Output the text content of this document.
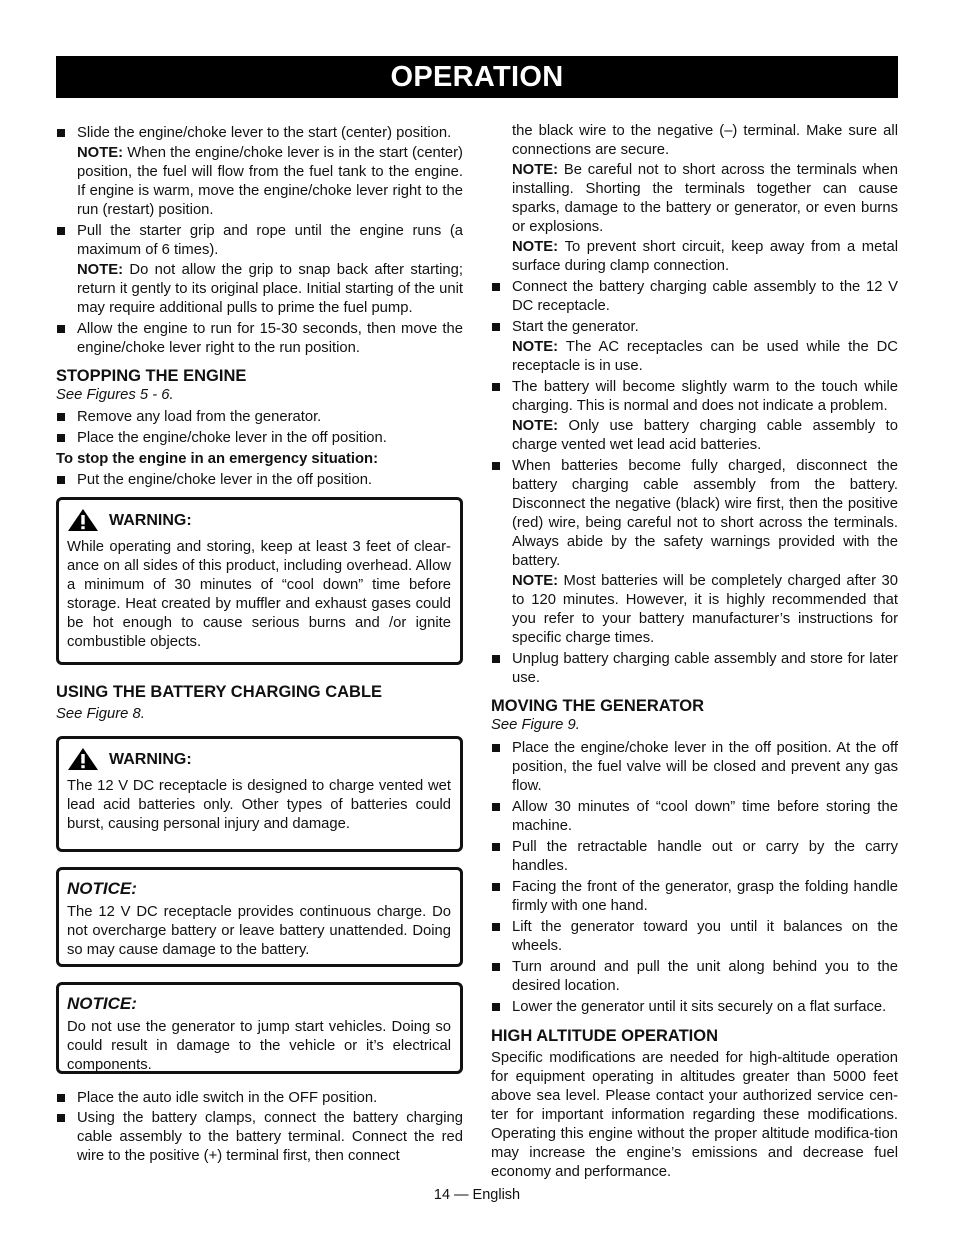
OPERATION
Slide the engine/choke lever to the start (center) position.
NOTE: When the engine/choke lever is in the start (center) position, the fuel will flow from the fuel tank to the engine. If engine is warm, move the engine/choke lever right to the run (restart) position.
Pull the starter grip and rope until the engine runs (a maximum of 6 times).
NOTE: Do not allow the grip to snap back after starting; return it gently to its original place. Initial starting of the unit may require additional pulls to prime the fuel pump.
Allow the engine to run for 15-30 seconds, then move the engine/choke lever right to the run position.
STOPPING THE ENGINE
See Figures 5 - 6.
Remove any load from the generator.
Place the engine/choke lever in the off position.
To stop the engine in an emergency situation:
Put the engine/choke lever in the off position.
WARNING:
While operating and storing, keep at least 3 feet of clear-ance on all sides of this product, including overhead. Allow a minimum of 30 minutes of “cool down” time before storage. Heat created by muffler and exhaust gases could be hot enough to cause serious burns and /or ignite combustible objects.
USING THE BATTERY CHARGING CABLE
See Figure 8.
WARNING:
The 12 V DC receptacle is designed to charge vented wet lead acid batteries only. Other types of batteries could burst, causing personal injury and damage.
NOTICE:
The 12 V DC receptacle provides continuous charge. Do not overcharge battery or leave battery unattended. Doing so may cause damage to the battery.
NOTICE:
Do not use the generator to jump start vehicles. Doing so could result in damage to the vehicle or it’s electrical components.
Place the auto idle switch in the OFF position.
Using the battery clamps, connect the battery charging cable assembly to the battery terminal. Connect the red wire to the positive (+) terminal first, then connect
the black wire to the negative (–) terminal. Make sure all connections are secure.
NOTE: Be careful not to short across the terminals when installing. Shorting the terminals together can cause sparks, damage to the battery or generator, or even burns or explosions.
NOTE: To prevent short circuit, keep away from a metal surface during clamp connection.
Connect the battery charging cable assembly to the 12 V DC receptacle.
Start the generator.
NOTE: The AC receptacles can be used while the DC receptacle is in use.
The battery will become slightly warm to the touch while charging. This is normal and does not indicate a problem.
NOTE: Only use battery charging cable assembly to charge vented wet lead acid batteries.
When batteries become fully charged, disconnect the battery charging cable assembly from the battery. Disconnect the negative (black) wire first, then the positive (red) wire, being careful not to short across the terminals. Always abide by the safety warnings provided with the battery.
NOTE: Most batteries will be completely charged after 30 to 120 minutes. However, it is highly recommended that you refer to your battery manufacturer’s instructions for specific charge times.
Unplug battery charging cable assembly and store for later use.
MOVING THE GENERATOR
See Figure 9.
Place the engine/choke lever in the off position. At the off position, the fuel valve will be closed and prevent any gas flow.
Allow 30 minutes of “cool down” time before storing the machine.
Pull the retractable handle out or carry by the carry handles.
Facing the front of the generator, grasp the folding handle firmly with one hand.
Lift the generator toward you until it balances on the wheels.
Turn around and pull the unit along behind you to the desired location.
Lower the generator until it sits securely on a flat surface.
HIGH ALTITUDE OPERATION
Specific modifications are needed for high-altitude operation for equipment operating in altitudes greater than 5000 feet above sea level. Please contact your authorized service cen-ter for important information regarding these modifications. Operating this engine without the proper altitude modifica-tion may increase the engine’s emissions and decrease fuel economy and performance.
14 — English
